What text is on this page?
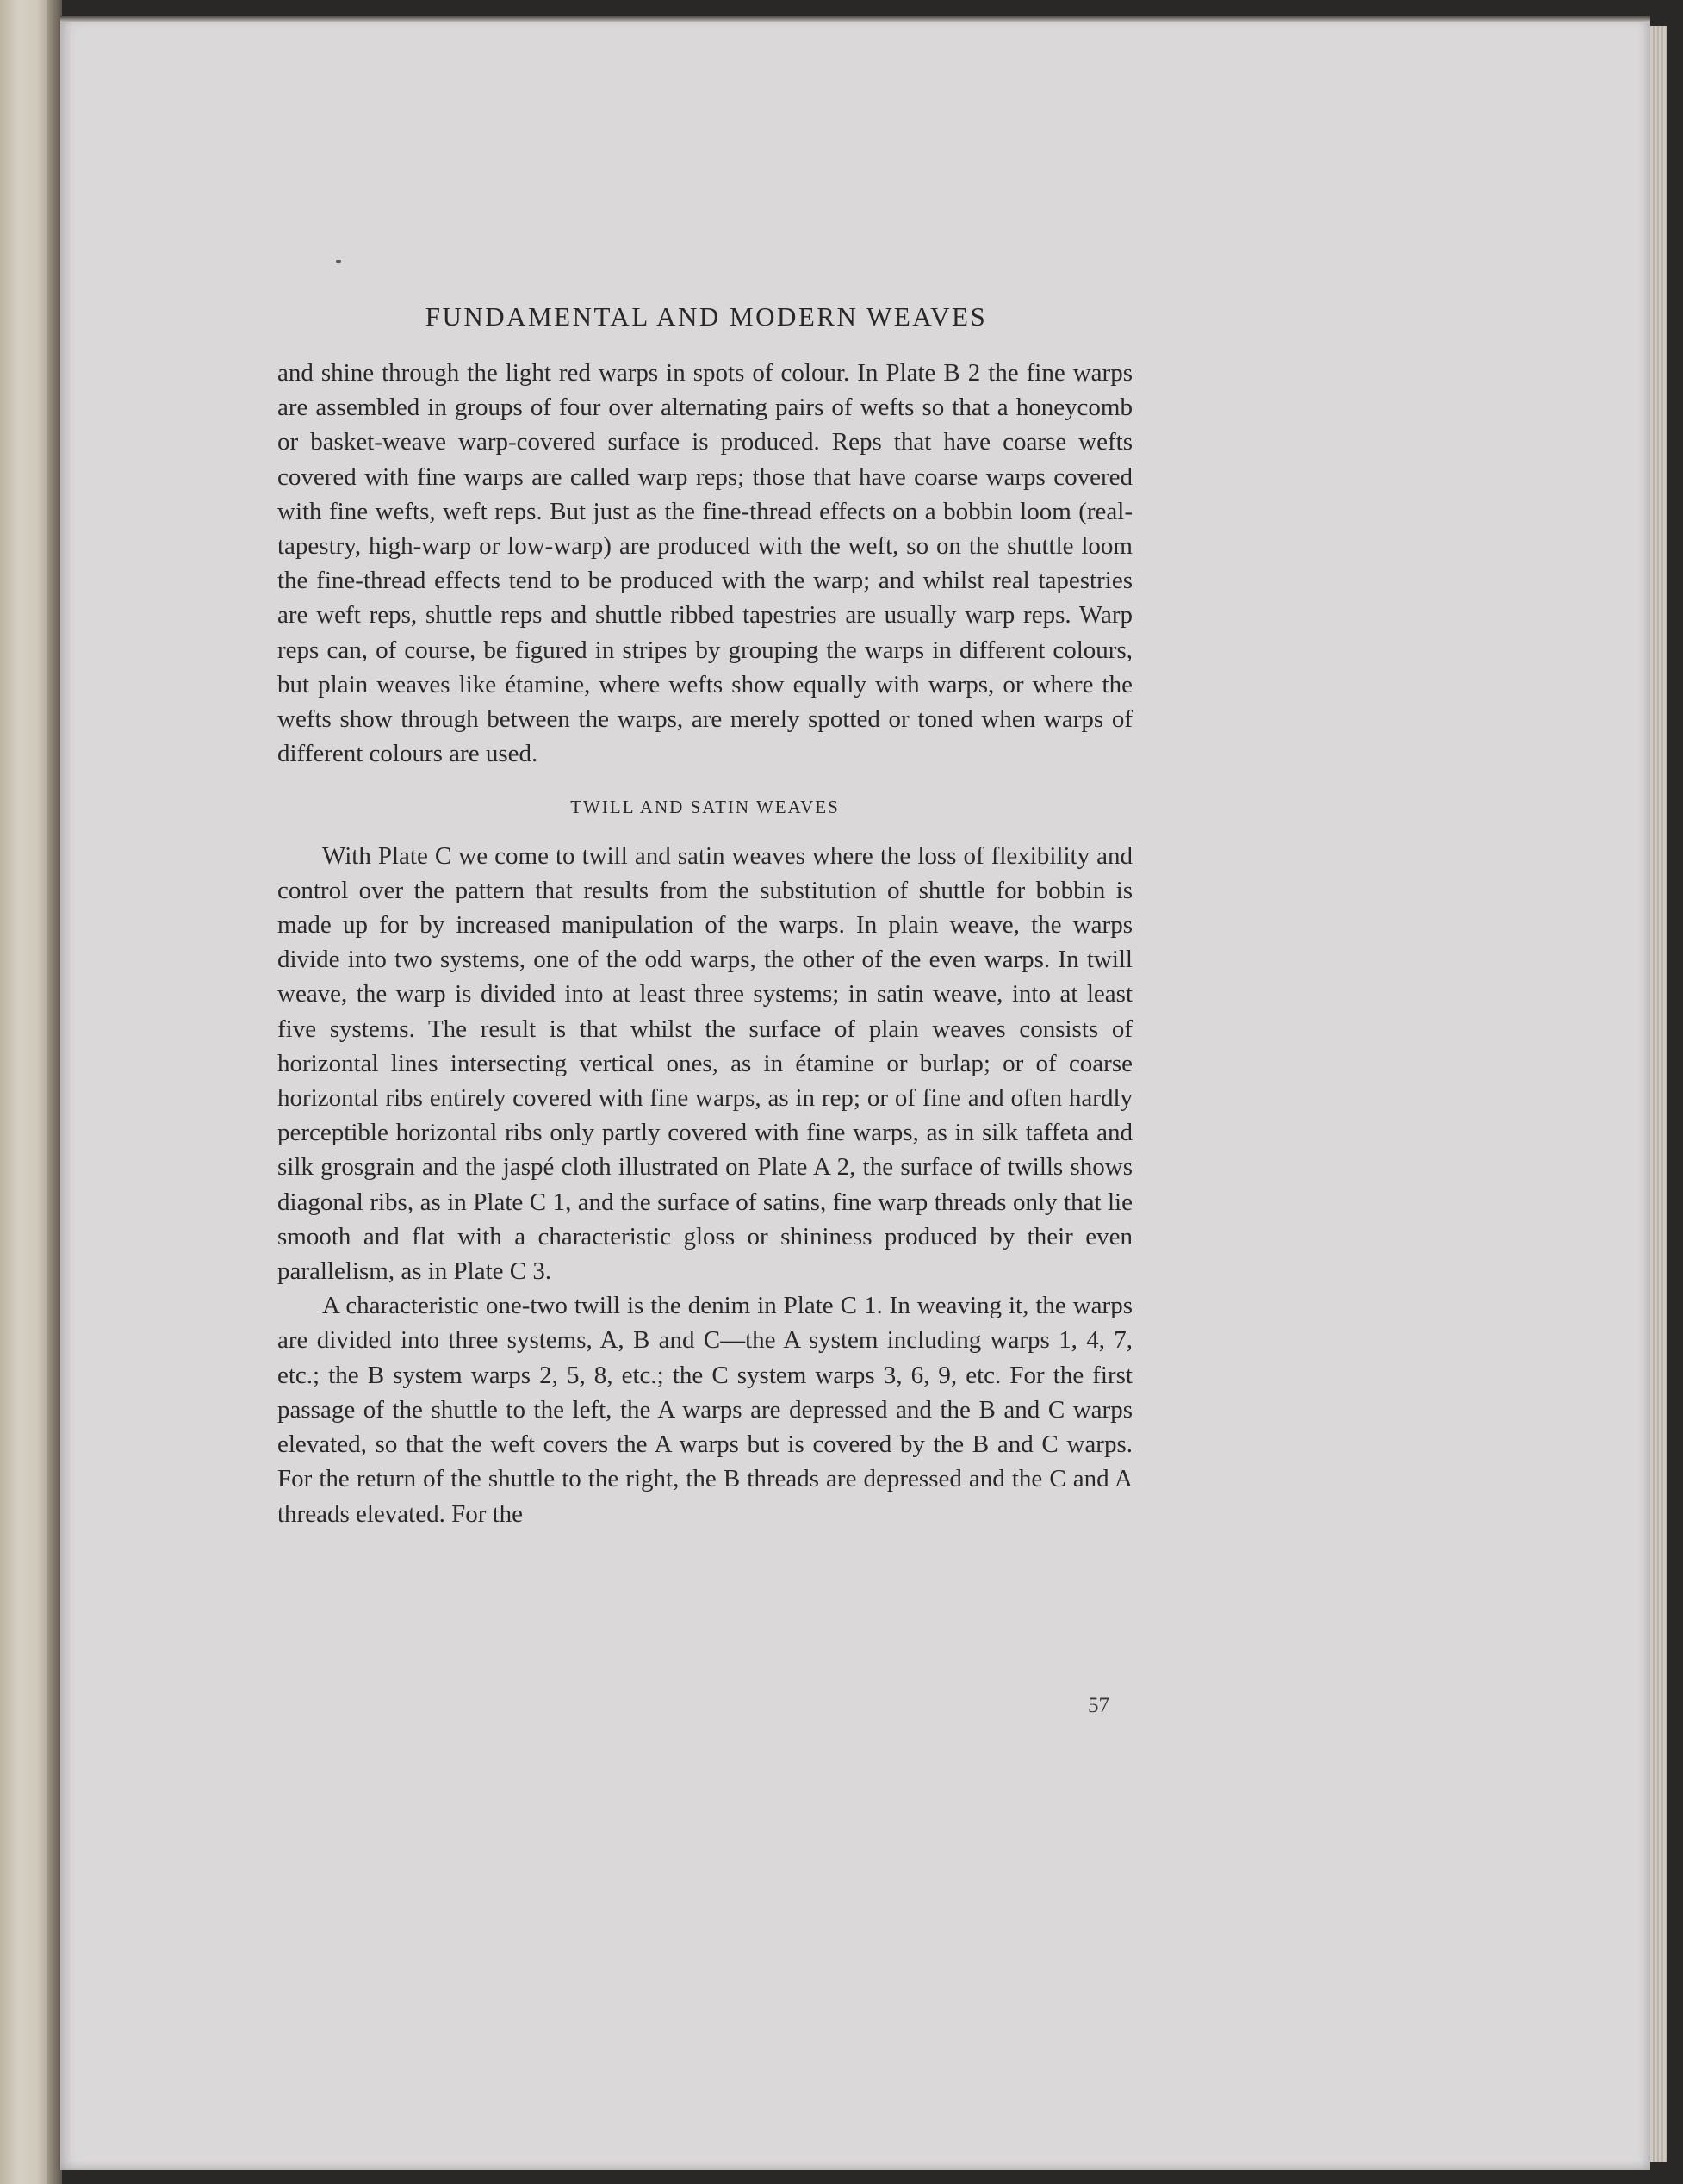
FUNDAMENTAL AND MODERN WEAVES

and shine through the light red warps in spots of colour. In Plate B 2 the fine warps are assembled in groups of four over alternating pairs of wefts so that a honeycomb or basket-weave warp-covered surface is produced. Reps that have coarse wefts covered with fine warps are called warp reps; those that have coarse warps covered with fine wefts, weft reps. But just as the fine-thread effects on a bobbin loom (real-tapestry, high-warp or low-warp) are produced with the weft, so on the shuttle loom the fine-thread effects tend to be produced with the warp; and whilst real tapestries are weft reps, shuttle reps and shuttle ribbed tapestries are usually warp reps. Warp reps can, of course, be figured in stripes by grouping the warps in different colours, but plain weaves like étamine, where wefts show equally with warps, or where the wefts show through between the warps, are merely spotted or toned when warps of different colours are used.

TWILL AND SATIN WEAVES

With Plate C we come to twill and satin weaves where the loss of flexibility and control over the pattern that results from the substitution of shuttle for bobbin is made up for by increased manipulation of the warps. In plain weave, the warps divide into two systems, one of the odd warps, the other of the even warps. In twill weave, the warp is divided into at least three systems; in satin weave, into at least five systems. The result is that whilst the surface of plain weaves consists of horizontal lines intersecting vertical ones, as in étamine or burlap; or of coarse horizontal ribs entirely covered with fine warps, as in rep; or of fine and often hardly perceptible horizontal ribs only partly covered with fine warps, as in silk taffeta and silk grosgrain and the jaspé cloth illustrated on Plate A 2, the surface of twills shows diagonal ribs, as in Plate C 1, and the surface of satins, fine warp threads only that lie smooth and flat with a characteristic gloss or shininess produced by their even parallelism, as in Plate C 3.

A characteristic one-two twill is the denim in Plate C 1. In weaving it, the warps are divided into three systems, A, B and C—the A system including warps 1, 4, 7, etc.; the B system warps 2, 5, 8, etc.; the C system warps 3, 6, 9, etc. For the first passage of the shuttle to the left, the A warps are depressed and the B and C warps elevated, so that the weft covers the A warps but is covered by the B and C warps. For the return of the shuttle to the right, the B threads are depressed and the C and A threads elevated. For the

57
